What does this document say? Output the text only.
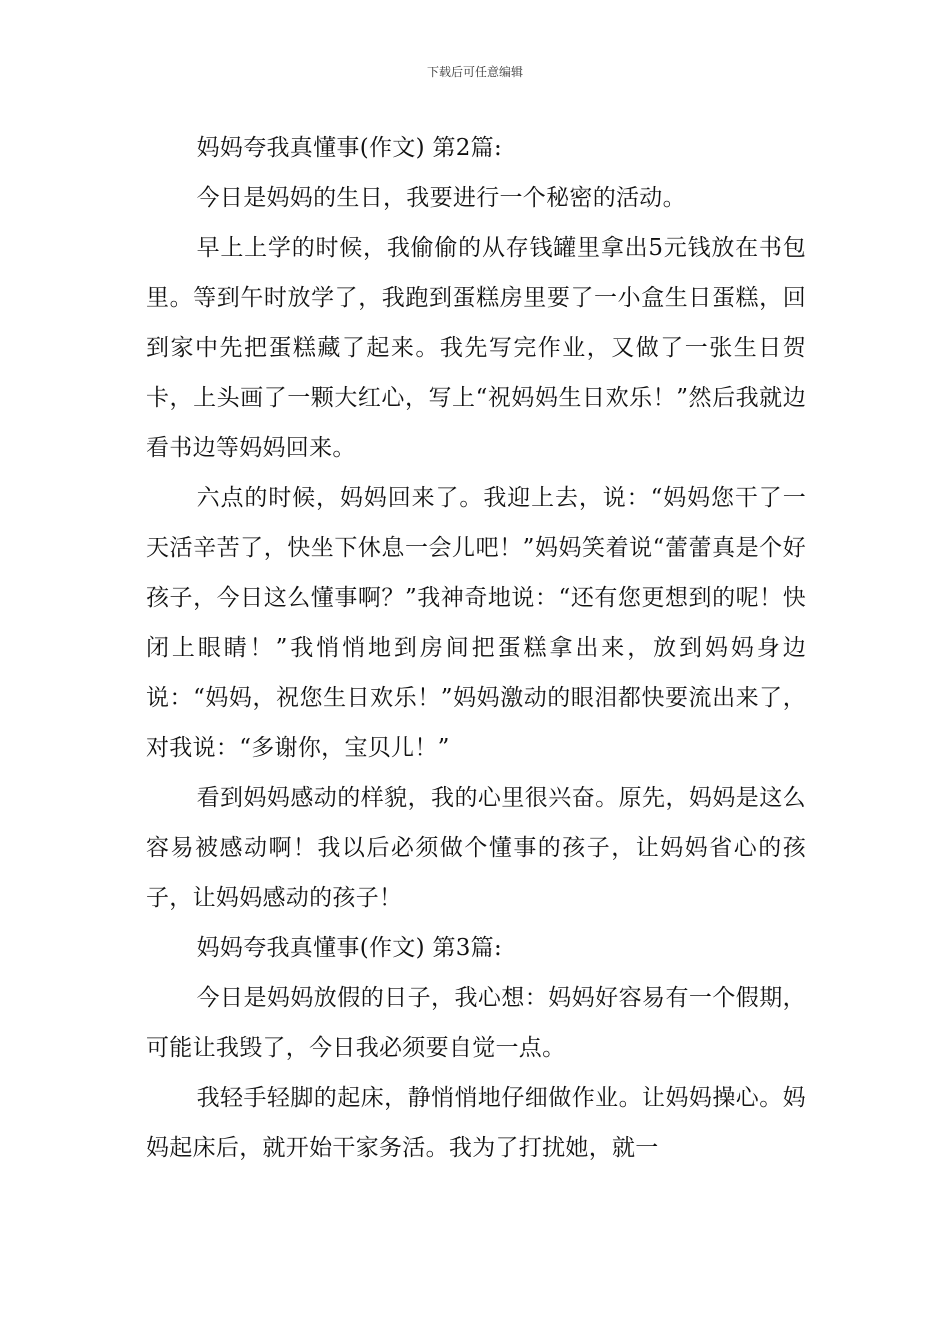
下载后可任意编辑

妈妈夸我真懂事(作文) 第2篇:

今日是妈妈的生日，我要进行一个秘密的活动。

早上上学的时候，我偷偷的从存钱罐里拿出5元钱放在书包里。等到午时放学了，我跑到蛋糕房里要了一小盒生日蛋糕，回到家中先把蛋糕藏了起来。我先写完作业，又做了一张生日贺卡，上头画了一颗大红心，写上“祝妈妈生日欢乐！”然后我就边看书边等妈妈回来。

六点的时候，妈妈回来了。我迎上去，说：“妈妈您干了一天活辛苦了，快坐下休息一会儿吧！”妈妈笑着说“蕾蕾真是个好孩子，今日这么懂事啊？”我神奇地说：“还有您更想到的呢！快闭上眼睛！”我悄悄地到房间把蛋糕拿出来，放到妈妈身边说：“妈妈，祝您生日欢乐！”妈妈激动的眼泪都快要流出来了，对我说：“多谢你，宝贝儿！”

看到妈妈感动的样貌，我的心里很兴奋。原先，妈妈是这么容易被感动啊！我以后必须做个懂事的孩子，让妈妈省心的孩子，让妈妈感动的孩子！

妈妈夸我真懂事(作文) 第3篇:

今日是妈妈放假的日子，我心想：妈妈好容易有一个假期，可能让我毁了，今日我必须要自觉一点。

我轻手轻脚的起床，静悄悄地仔细做作业。让妈妈操心。妈妈起床后，就开始干家务活。我为了打扰她，就一
